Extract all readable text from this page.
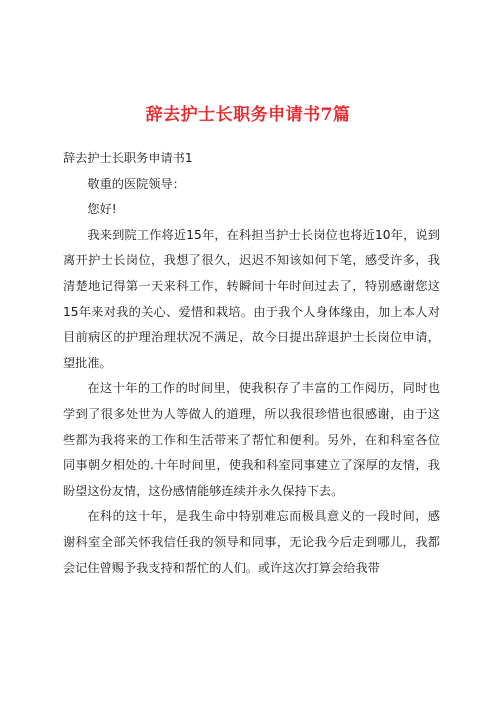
辞去护士长职务申请书7篇

辞去护士长职务申请书1

敬重的医院领导：

您好!

我来到院工作将近15年，在科担当护士长岗位也将近10年，说到离开护士长岗位，我想了很久，迟迟不知该如何下笔，感受许多，我清楚地记得第一天来科工作，转瞬间十年时间过去了，特别感谢您这15年来对我的关心、爱惜和栽培。由于我个人身体缘由，加上本人对目前病区的护理治理状况不满足，故今日提出辞退护士长岗位申请，望批准。

在这十年的工作的时间里，使我积存了丰富的工作阅历，同时也学到了很多处世为人等做人的道理，所以我很珍惜也很感谢，由于这些都为我将来的工作和生活带来了帮忙和便利。另外，在和科室各位同事朝夕相处的.十年时间里，使我和科室同事建立了深厚的友情，我盼望这份友情，这份感情能够连续并永久保持下去。

在科的这十年，是我生命中特别难忘而极具意义的一段时间，感谢科室全部关怀我信任我的领导和同事，无论我今后走到哪儿，我都会记住曾赐予我支持和帮忙的人们。或许这次打算会给我带
